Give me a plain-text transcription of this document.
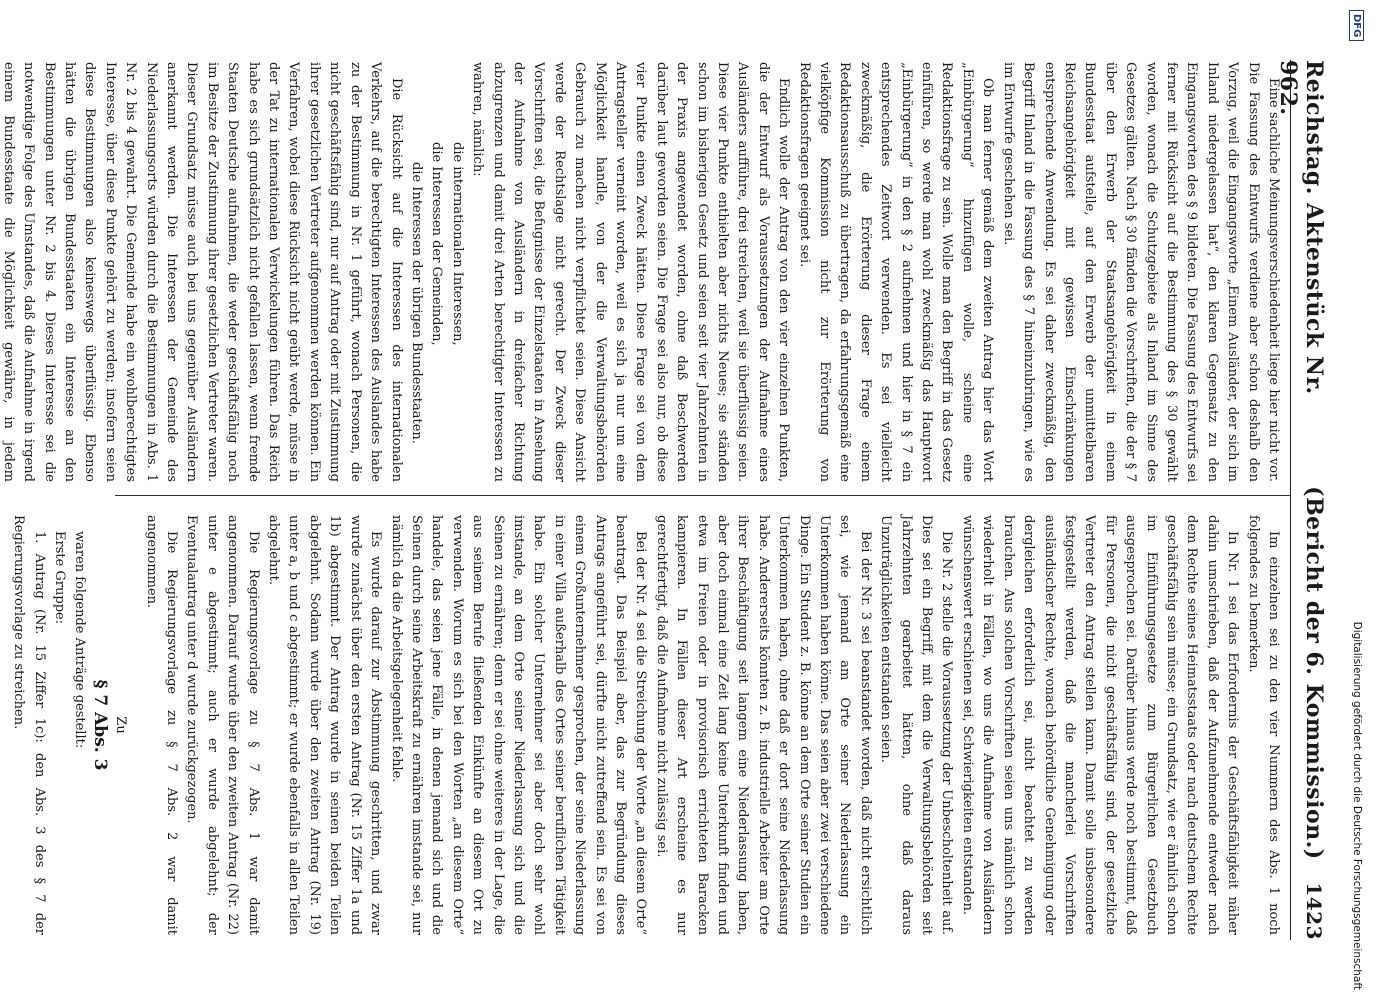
Reichstag. Aktenstück Nr. 962.
(Bericht der 6. Kommission.)
1423

Eine sachliche Meinungsverschiedenheit liege hier nicht vor. Die Fassung des Entwurfs verdiene aber schon deshalb den Vorzug, weil die Eingangsworte „Einem Ausländer, der sich im Inland niedergelassen hat“, den klaren Gegensatz zu den Eingangsworten des § 9 bildeten. Die Fassung des Entwurfs sei ferner mit Rücksicht auf die Bestimmung des § 30 gewählt worden, wonach die Schutzgebiete als Inland im Sinne des Gesetzes gälten. Nach § 30 fänden die Vorschriften, die der § 7 über den Erwerb der Staatsangehörigkeit in einem Bundesstaat aufstelle, auf den Erwerb der unmittelbaren Reichsangehörigkeit mit gewissen Einschränkungen entsprechende Anwendung. Es sei daher zweckmäßig, den Begriff Inland in die Fassung des § 7 hineinzubringen, wie es im Entwurfe geschehen sei.

Ob man ferner gemäß dem zweiten Antrag hier das Wort „Einbürgerung“ hinzufügen wolle, scheine eine Redaktionsfrage zu sein. Wolle man den Begriff in das Gesetz einführen, so werde man wohl zweckmäßig das Hauptwort „Einbürgerung“ in den § 2 aufnehmen und hier in § 7 ein entsprechendes Zeitwort verwenden. Es sei vielleicht zweckmäßig, die Erörterung dieser Frage einem Redaktionsausschuß zu übertragen, da erfahrungsgemäß eine vielköpfige Kommission nicht zur Erörterung von Redaktionsfragen geeignet sei.

Endlich wolle der Antrag von den vier einzelnen Punkten, die der Entwurf als Voraussetzungen der Aufnahme eines Ausländers aufführe, drei streichen, weil sie überflüssig seien. Diese vier Punkte enthielten aber nichts Neues; sie ständen schon im bisherigen Gesetz und seien seit vier Jahrzehnten in der Praxis angewendet worden, ohne daß Beschwerden darüber laut geworden seien. Die Frage sei also nur, ob diese vier Punkte einen Zweck hätten. Diese Frage sei von dem Antragsteller verneint worden, weil es sich ja nur um eine Möglichkeit handle, von der die Verwaltungsbehörden Gebrauch zu machen nicht verpflichtet seien. Diese Ansicht werde der Rechtslage nicht gerecht. Der Zweck dieser Vorschriften sei, die Befugnisse der Einzelstaaten in Ansehung der Aufnahme von Ausländern in dreifacher Richtung abzugrenzen und damit drei Arten berechtigter Interessen zu wahren, nämlich:

die internationalen Interessen,

die Interessen der Gemeinden,

die Interessen der übrigen Bundesstaaten.

Die Rücksicht auf die Interessen des internationalen Verkehrs, auf die berechtigten Interessen des Auslandes habe zu der Bestimmung in Nr. 1 geführt, wonach Personen, die nicht geschäftsfähig sind, nur auf Antrag oder mit Zustimmung ihrer gesetzlichen Vertreter aufgenommen werden können. Ein Verfahren, wobei diese Rücksicht nicht geübt werde, müsse in der Tat zu internationalen Verwickelungen führen. Das Reich habe es sich grundsätzlich nicht gefallen lassen, wenn fremde Staaten Deutsche aufnahmen, die weder geschäftsfähig noch im Besitze der Zustimmung ihrer gesetzlichen Vertreter waren. Dieser Grundsatz müsse auch bei uns gegenüber Ausländern anerkannt werden. Die Interessen der Gemeinde des Niederlassungsorts würden durch die Bestimmungen in Abs. 1 Nr. 2 bis 4 gewahrt. Die Gemeinde habe ein wohlberechtigtes Interesse, über diese Punkte gehört zu werden; insofern seien diese Bestimmungen also keineswegs überflüssig. Ebenso hätten die übrigen Bundesstaaten ein Interesse an den Bestimmungen unter Nr. 2 bis 4. Dieses Interesse sei die notwendige Folge des Umstandes, daß die Aufnahme in irgend einem Bundesstaate die Möglichkeit gewähre, in jedem

Im einzelnen sei zu den vier Nummern des Abs. 1 noch folgendes zu bemerken.

In Nr. 1 sei das Erfordernis der Geschäftsfähigkeit näher dahin umschrieben, daß der Aufzunehmende entweder nach dem Rechte seines Heimatsstaats oder nach deutschem Rechte geschäftsfähig sein müsse; ein Grundsatz, wie er ähnlich schon im Einführungsgesetze zum Bürgerlichen Gesetzbuch ausgesprochen sei. Darüber hinaus werde noch bestimmt, daß für Personen, die nicht geschäftsfähig sind, der gesetzliche Vertreter den Antrag stellen kann. Damit solle insbesondere festgestellt werden, daß die mancherlei Vorschriften ausländischer Rechte, wonach behördliche Genehmigung oder dergleichen erforderlich sei, nicht beachtet zu werden brauchen. Aus solchen Vorschriften seien uns nämlich schon wiederholt in Fällen, wo uns die Aufnahme von Ausländern wünschenswert erschienen sei, Schwierigkeiten entstanden.

Die Nr. 2 stelle die Voraussetzung der Unbescholtenheit auf. Dies sei ein Begriff, mit dem die Verwaltungsbehörden seit Jahrzehnten gearbeitet hätten, ohne daß daraus Unzuträglichkeiten entstanden seien.

Bei der Nr. 3 sei beanstandet worden, daß nicht ersichtlich sei, wie jemand am Orte seiner Niederlassung ein Unterkommen haben könne. Das seien aber zwei verschiedene Dinge. Ein Student z. B. könne an dem Orte seiner Studien ein Unterkommen haben, ohne daß er dort seine Niederlassung habe. Andererseits könnten z. B. industrielle Arbeiter am Orte ihrer Beschäftigung seit langem eine Niederlassung haben, aber doch einmal eine Zeit lang keine Unterkunft finden und etwa im Freien oder in provisorisch errichteten Baracken kampieren. In Fällen dieser Art erscheine es nur gerechtfertigt, daß die Aufnahme nicht zulässig sei.

Bei der Nr. 4 sei die Streichung der Worte „an diesem Orte“ beantragt. Das Beispiel aber, das zur Begründung dieses Antrags angeführt sei, dürfte nicht zutreffend sein. Es sei von einem Großunternehmer gesprochen, der seine Niederlassung in einer Villa außerhalb des Ortes seiner beruflichen Tätigkeit habe. Ein solcher Unternehmer sei aber doch sehr wohl imstande, an dem Orte seiner Niederlassung sich und die Seinen zu ernähren; denn er sei ohne weiteres in der Lage, die aus seinem Berufe fließenden Einkünfte an diesem Ort zu verwenden. Worum es sich bei den Worten „an diesem Orte“ handele, das seien jene Fälle, in denen jemand sich und die Seinen durch seine Arbeitskraft zu ernähren imstande sei, nur nämlich da die Arbeitsgelegenheit fehle.

Es wurde darauf zur Abstimmung geschritten, und zwar wurde zunächst über den ersten Antrag (Nr. 15 Ziffer 1a und 1b) abgestimmt. Der Antrag wurde in seinen beiden Teilen abgelehnt. Sodann wurde über den zweiten Antrag (Nr. 19) unter a, b und c abgestimmt; er wurde ebenfalls in allen Teilen abgelehnt.

Die Regierungsvorlage zu § 7 Abs. 1 war damit angenommen. Darauf wurde über den zweiten Antrag (Nr. 22) unter e abgestimmt; auch er wurde abgelehnt; der Eventualantrag unter d wurde zurückgezogen.

Die Regierungsvorlage zu § 7 Abs. 2 war damit angenommen.

Zu

§ 7 Abs. 3

waren folgende Anträge gestellt:

Erste Gruppe:

1. Antrag (Nr. 15 Ziffer 1c): den Abs. 3 des § 7 der Regierungsvorlage zu streichen.

DFG
Digitalisierung gefördert durch die Deutsche Forschungsgemeinschaft
